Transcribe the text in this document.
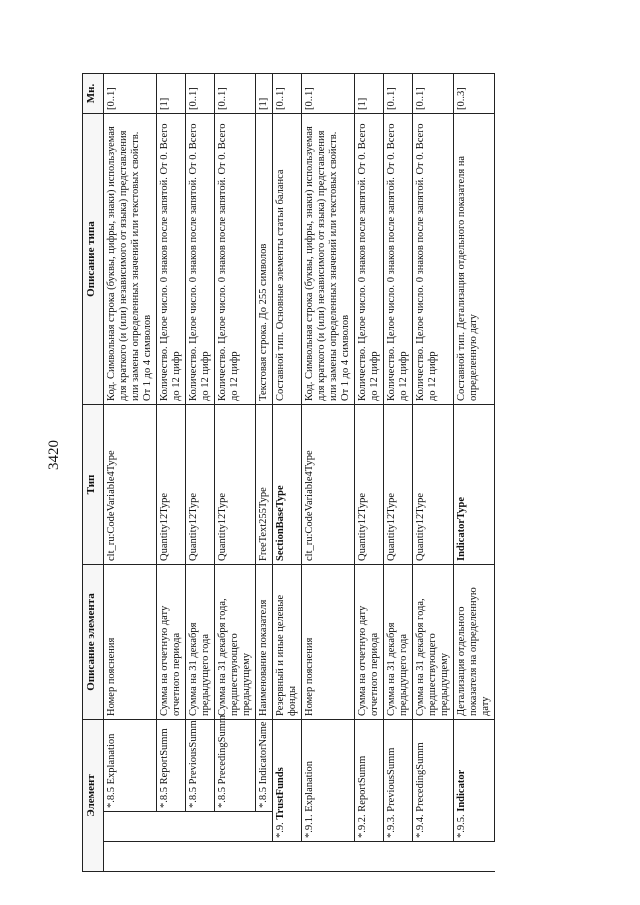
3420
Элемент			Описание элемента	Тип	Описание типа	Мн.
		*.8.5 Explanation	Номер пояснения	clt_ru:CodeVariable4Type	Код. Символьная строка (буквы, цифры, знаки) используемая для краткого (и (или) независимого от языка) представления или замены определенных значений или текстовых свойств. От 1 до 4 символов	[0..1]
		*.8.5 ReportSumm	Сумма на отчетную дату отчетного периода	Quantity12Type	Количество. Целое число. 0 знаков после запятой. От 0. Всего до 12 цифр	[1]
		*.8.5 PreviousSumm	Сумма на 31 декабря предыдущего года	Quantity12Type	Количество. Целое число. 0 знаков после запятой. От 0. Всего до 12 цифр	[0..1]
		*.8.5 PrecedingSumm	Сумма на 31 декабря года, предшествующего предыдущему	Quantity12Type	Количество. Целое число. 0 знаков после запятой. От 0. Всего до 12 цифр	[0..1]
		*.8.5 IndicatorName	Наименование показателя	FreeText255Type	Текстовая строка. До 255 символов	[1]
	*.9. TrustFunds		Резервный и иные целевые фонды	SectionBaseType	Составной тип. Основные элементы статьи баланса	[0..1]
	*.9.1. Explanation		Номер пояснения	clt_ru:CodeVariable4Type	Код. Символьная строка (буквы, цифры, знаки) используемая для краткого (и (или) независимого от языка) представления или замены определенных значений или текстовых свойств. От 1 до 4 символов	[0..1]
	*.9.2. ReportSumm		Сумма на отчетную дату отчетного периода	Quantity12Type	Количество. Целое число. 0 знаков после запятой. От 0. Всего до 12 цифр	[1]
	*.9.3. PreviousSumm		Сумма на 31 декабря предыдущего года	Quantity12Type	Количество. Целое число. 0 знаков после запятой. От 0. Всего до 12 цифр	[0..1]
	*.9.4. PrecedingSumm		Сумма на 31 декабря года, предшествующего предыдущему	Quantity12Type	Количество. Целое число. 0 знаков после запятой. От 0. Всего до 12 цифр	[0..1]
	*.9.5. Indicator		Детализация отдельного показателя на определенную дату	IndicatorType	Составной тип. Детализация отдельного показателя на определенную дату	[0..3]
